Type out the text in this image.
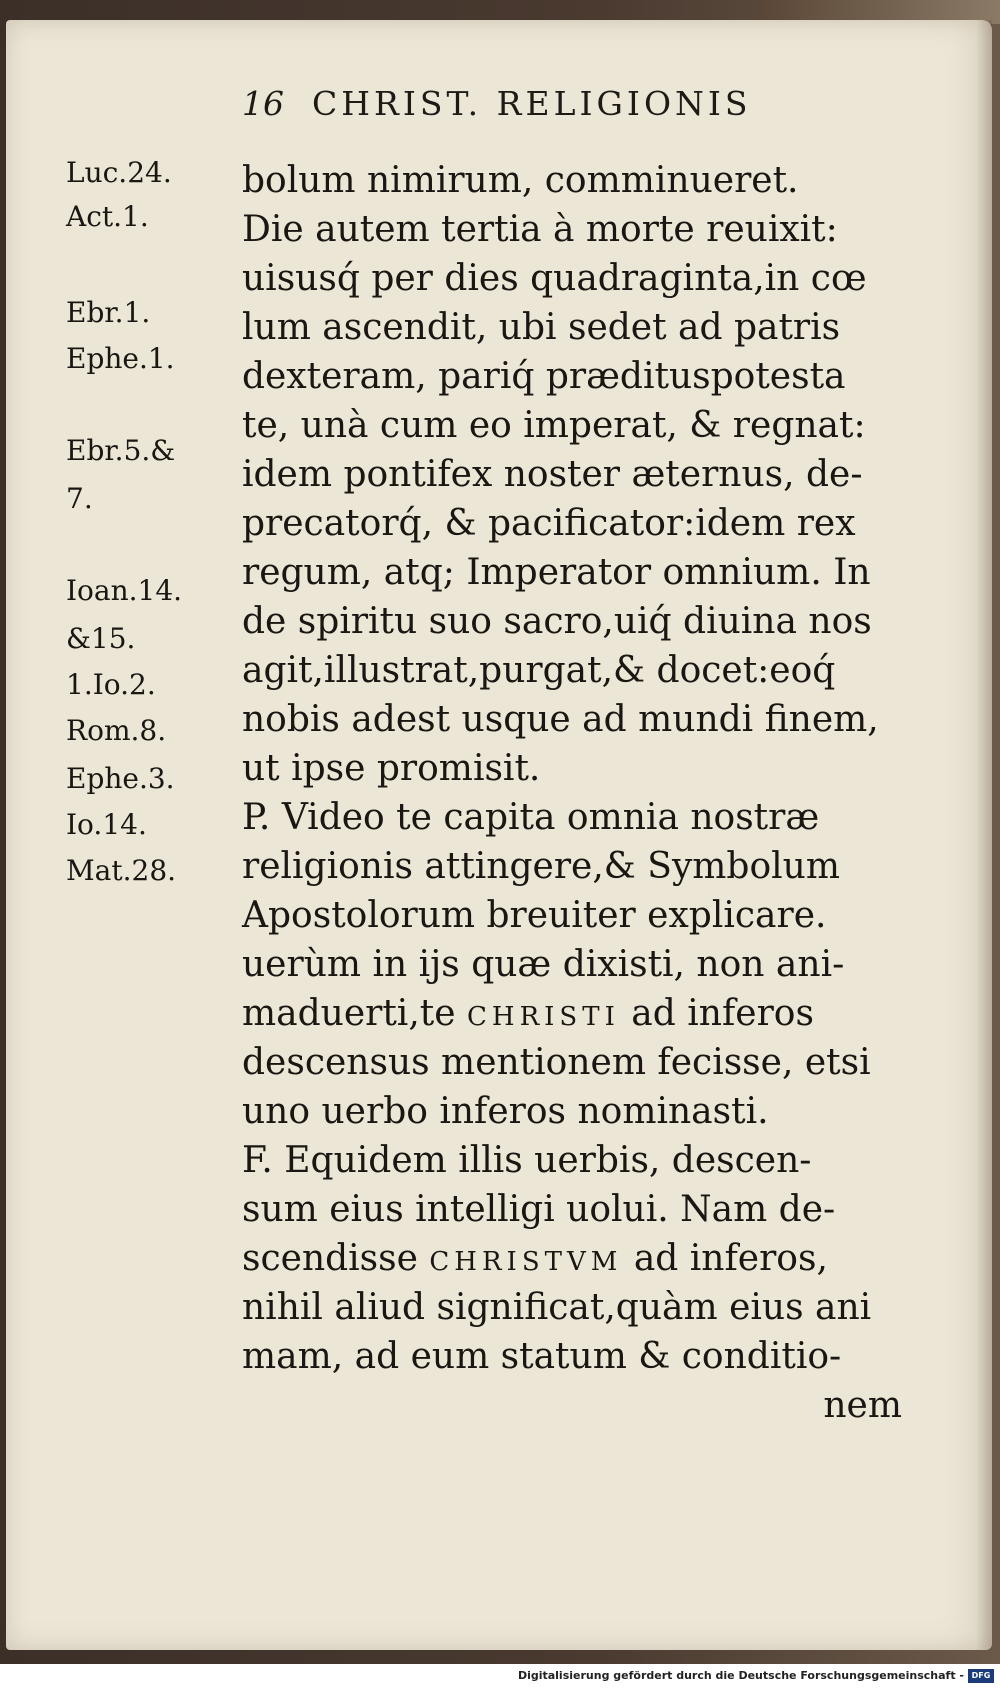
16 CHRIST. RELIGIONIS
Luc.24.
Act.1.
Ebr.1.
Ephe.1.
Ebr.5.&
7.
Ioan.14.
&15.
1.Io.2.
Rom.8.
Ephe.3.
Io.14.
Mat.28.
bolum nimirum, comminueret.
Die autem tertia à morte reuixit:
uisusq́ per dies quadraginta,in cœ
lum ascendit, ubi sedet ad patris
dexteram, pariq́ prædituspotesta
te, unà cum eo imperat, & regnat:
idem pontifex noster æternus, de-
precatorq́, & pacificator:idem rex
regum, atq; Imperator omnium. In
de spiritu suo sacro,uiq́ diuina nos
agit,illustrat,purgat,& docet:eoq́
nobis adest usque ad mundi finem,
ut ipse promisit.
P. Video te capita omnia nostræ
religionis attingere,& Symbolum
Apostolorum breuiter explicare.
uerùm in ijs quæ dixisti, non ani-
maduerti,te CHRISTI ad inferos
descensus mentionem fecisse, etsi
uno uerbo inferos nominasti.
F. Equidem illis uerbis, descen-
sum eius intelligi uolui. Nam de-
scendisse CHRISTVM ad inferos,
nihil aliud significat,quàm eius ani
mam, ad eum statum & conditio-
nem
Digitalisierung gefördert durch die Deutsche Forschungsgemeinschaft - DFG
